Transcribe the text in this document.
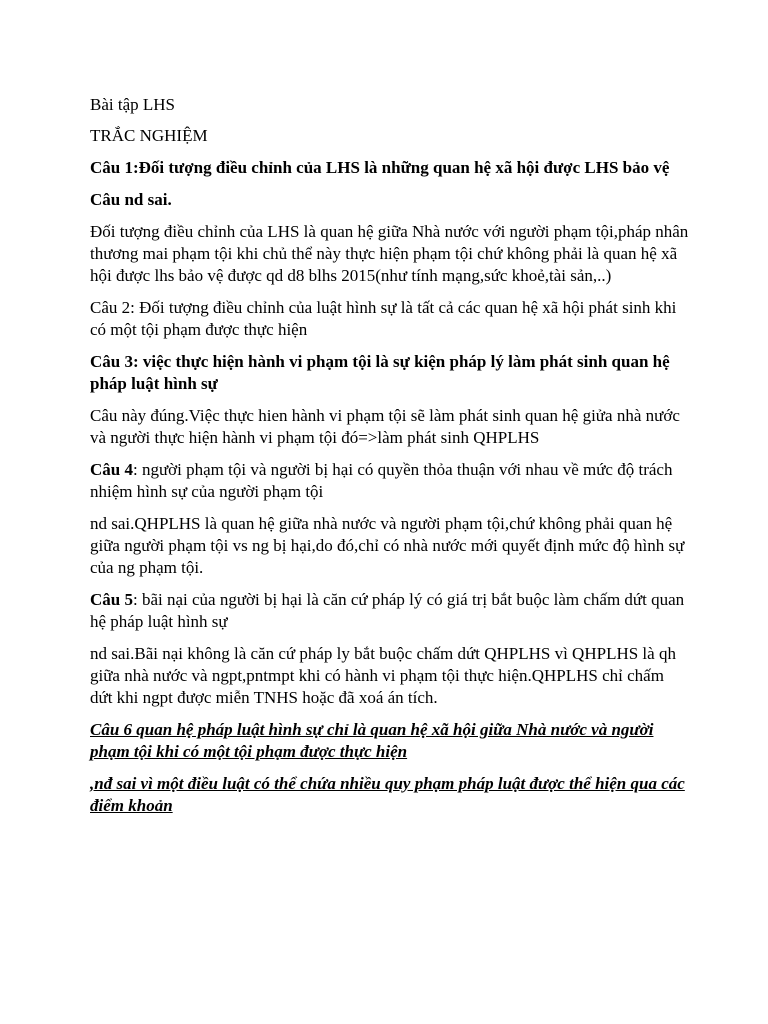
Bài tập LHS

TRẮC NGHIỆM

Câu 1:Đối tượng điều chỉnh của LHS là những quan hệ xã hội được LHS bảo vệ

Câu nd sai.

Đối tượng điều chỉnh của LHS là quan hệ giữa Nhà nước với người phạm tội,pháp nhân thương mai phạm tội khi chủ thể này thực hiện phạm tội chứ không phải là quan hệ xã hội được lhs bảo vệ được qd d8 blhs 2015(như tính mạng,sức khoẻ,tài sản,..)

Câu 2: Đối tượng điều chỉnh của luật hình sự là tất cả các quan hệ xã hội phát sinh khi có một tội phạm được thực hiện

Câu 3: việc thực hiện hành vi phạm tội là sự kiện pháp lý làm phát sinh quan hệ pháp luật hình sự

Câu này đúng.Việc thực hien hành vi phạm tội sẽ làm phát sinh quan hệ giửa nhà nước và người thực hiện hành vi phạm tội đó=>làm phát sinh QHPLHS

Câu 4: người phạm tội và người bị hại có quyền thỏa thuận với nhau về mức độ trách nhiệm hình sự của người phạm tội

nd sai.QHPLHS là quan hệ giữa nhà nước và người phạm tội,chứ không phải quan hệ giữa người phạm tội vs ng bị hại,do đó,chỉ có nhà nước mới quyết định mức độ hình sự của ng phạm tội.

Câu 5: bãi nại của người bị hại là căn cứ pháp lý có giá trị bắt buộc làm chấm dứt quan hệ pháp luật hình sự

nd sai.Bãi nại không là căn cứ pháp ly bắt buộc chấm dứt QHPLHS vì QHPLHS là qh giữa nhà nước và ngpt,pntmpt khi có hành vi phạm tội thực hiện.QHPLHS chỉ chấm dứt khi ngpt được miễn TNHS hoặc đã xoá án tích.

Câu 6 quan hệ pháp luật hình sự chỉ là quan hệ xã hội giữa Nhà nước và người phạm tội khi có một tội phạm được thực hiện

,nđ sai vì một điều luật có thể chứa nhiều quy phạm pháp luật được thể hiện qua các điểm khoản
